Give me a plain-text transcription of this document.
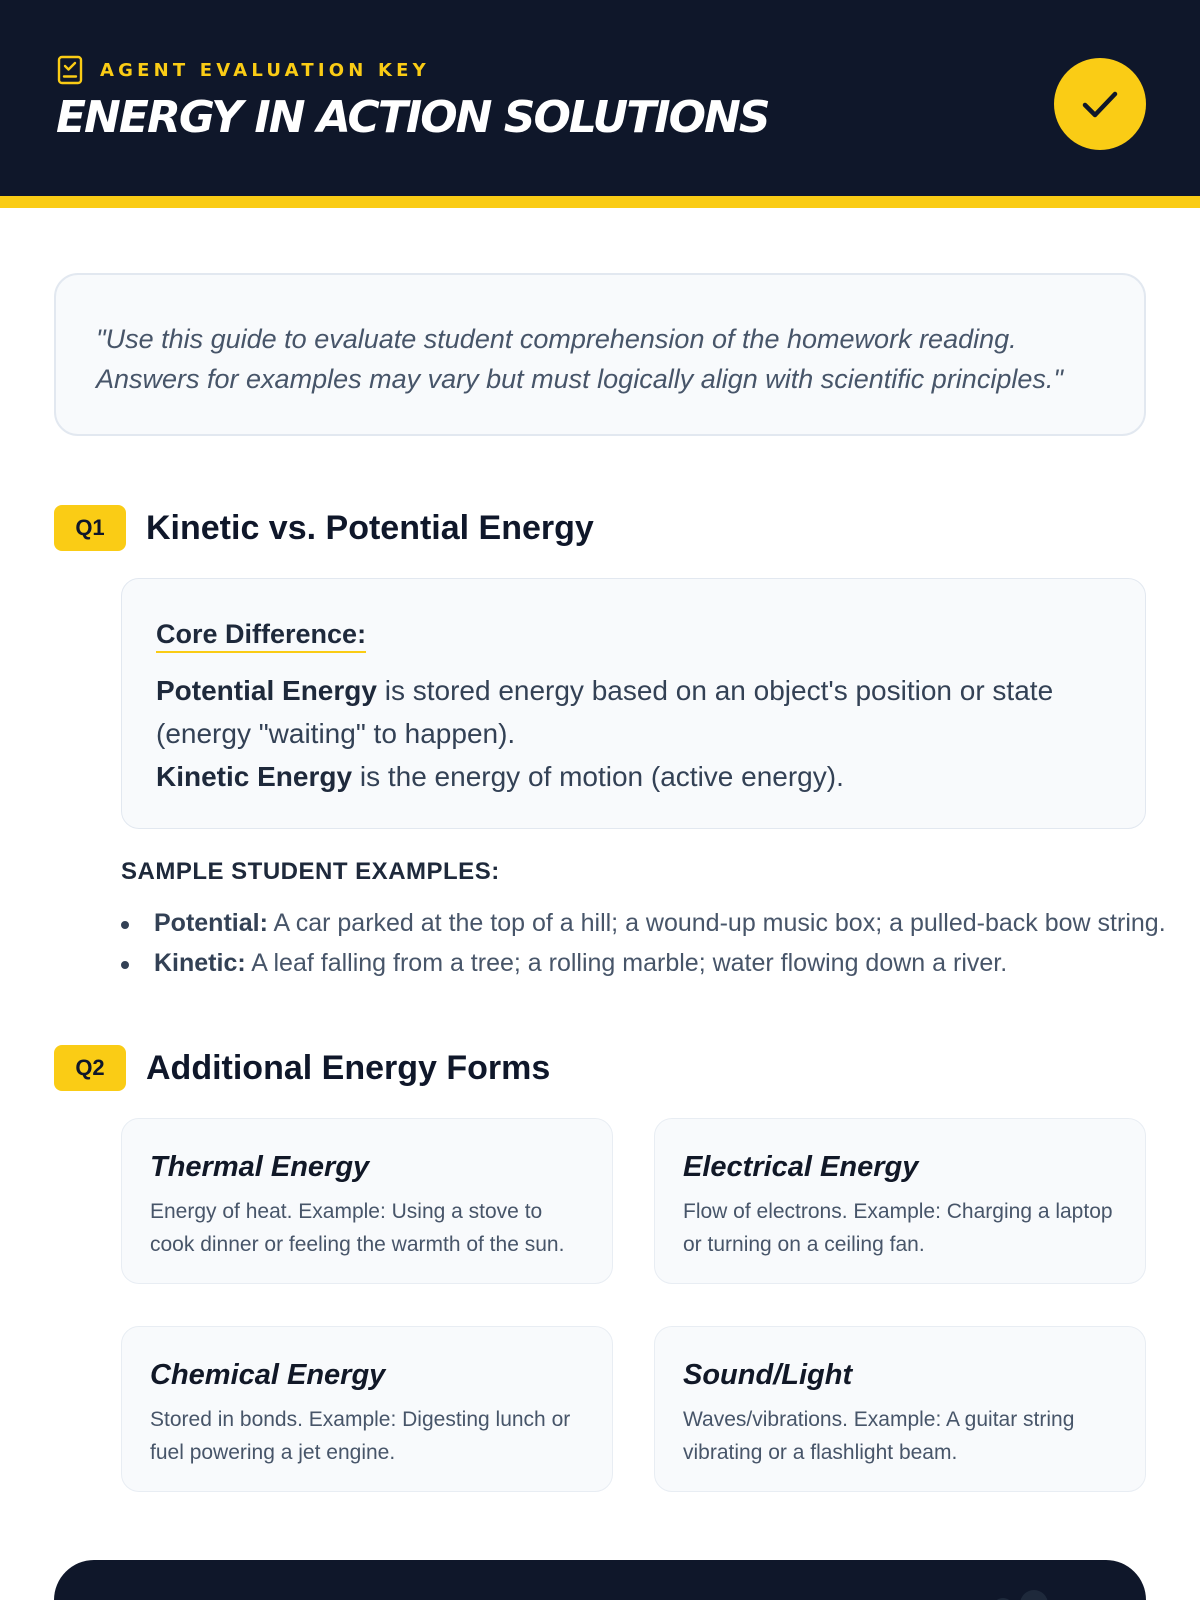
AGENT EVALUATION KEY
ENERGY IN ACTION SOLUTIONS

"Use this guide to evaluate student comprehension of the homework reading. Answers for examples may vary but must logically align with scientific principles."

Q1	Kinetic vs. Potential Energy
Core Difference:
Potential Energy is stored energy based on an object's position or state (energy "waiting" to happen).
Kinetic Energy is the energy of motion (active energy).
SAMPLE STUDENT EXAMPLES:
Potential: A car parked at the top of a hill; a wound-up music box; a pulled-back bow string.
Kinetic: A leaf falling from a tree; a rolling marble; water flowing down a river.
Q2	Additional Energy Forms
Thermal Energy
Energy of heat. Example: Using a stove to cook dinner or feeling the warmth of the sun.
Electrical Energy
Flow of electrons. Example: Charging a laptop or turning on a ceiling fan.
Chemical Energy
Stored in bonds. Example: Digesting lunch or fuel powering a jet engine.
Sound/Light
Waves/vibrations. Example: A guitar string vibrating or a flashlight beam.
